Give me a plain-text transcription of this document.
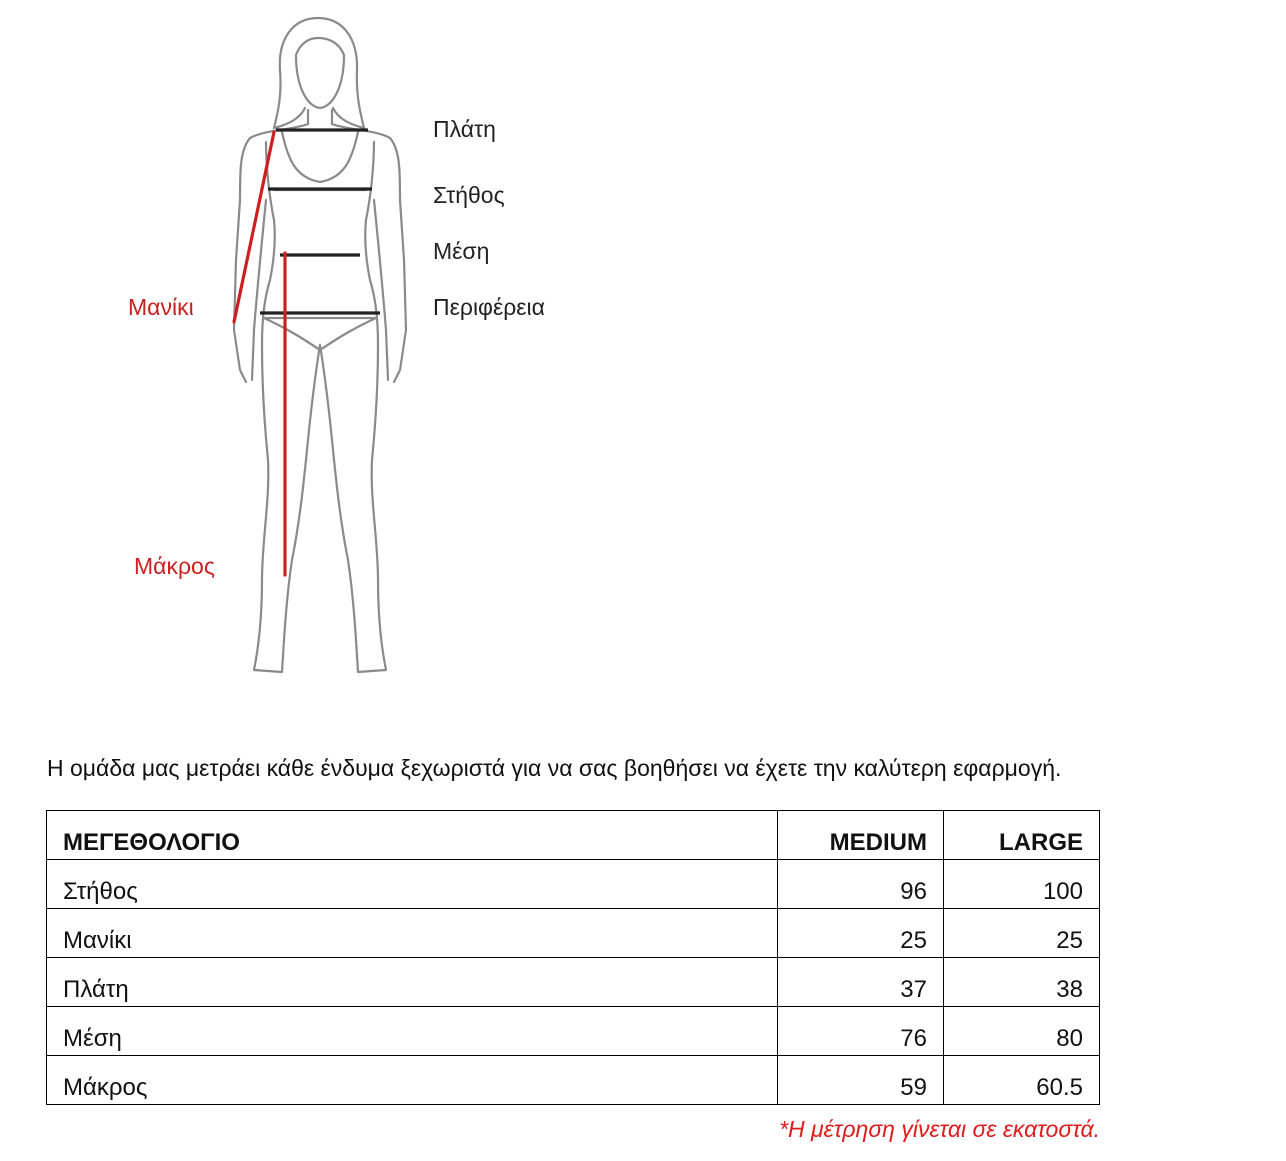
Πλάτη
Στήθος
Μέση
Περιφέρεια
Μανίκι
Μάκρος
Η ομάδα μας μετράει κάθε ένδυμα ξεχωριστά για να σας βοηθήσει να έχετε την καλύτερη εφαρμογή.
ΜΕΓΕΘΟΛΟΓΙΟ	MEDIUM	LARGE
Στήθος	96	100
Μανίκι	25	25
Πλάτη	37	38
Μέση	76	80
Μάκρος	59	60.5
*Η μέτρηση γίνεται σε εκατοστά.
